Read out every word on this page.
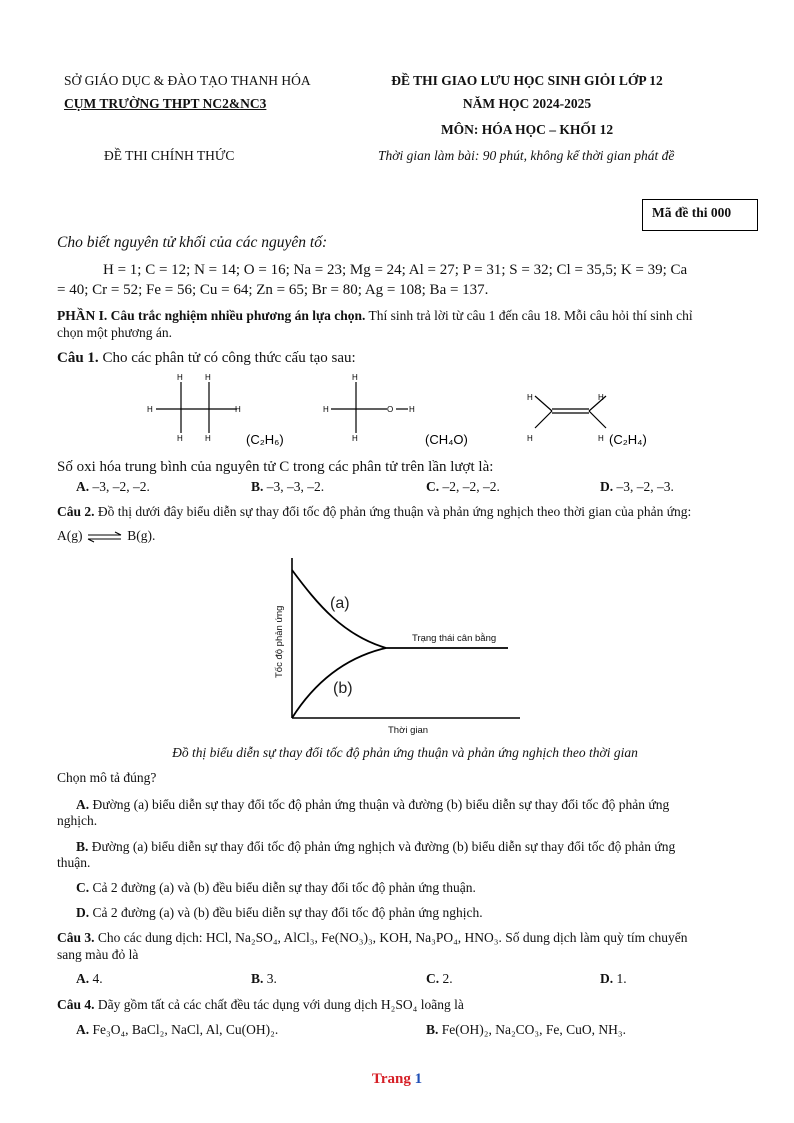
SỞ GIÁO DỤC & ĐÀO TẠO THANH HÓA
CỤM TRƯỜNG THPT NC2&NC3
ĐỀ THI CHÍNH THỨC
ĐỀ THI GIAO LƯU HỌC SINH GIỎI LỚP 12
NĂM HỌC 2024-2025
MÔN: HÓA HỌC – KHỐI 12
Thời gian làm bài: 90 phút, không kể thời gian phát đề
Mã đề thi 000
Cho biết nguyên tử khối của các nguyên tố:
H = 1; C = 12; N = 14; O = 16; Na = 23; Mg = 24; Al = 27; P = 31; S = 32; Cl = 35,5; K = 39; Ca
= 40; Cr = 52; Fe = 56; Cu = 64; Zn = 65; Br = 80; Ag = 108; Ba = 137.
PHẦN I. Câu trắc nghiệm nhiều phương án lựa chọn. Thí sinh trả lời từ câu 1 đến câu 18. Mỗi câu hỏi thí sinh chỉ
chọn một phương án.
Câu 1. Cho các phân tử có công thức cấu tạo sau:
H	H
H	H
H	H
H
H	O H
H
H	H
H	H
(C₂H₆)	(CH₄O)	(C₂H₄)
Số oxi hóa trung bình của nguyên tử C trong các phân tử trên lần lượt là:
A. –3, –2, –2.	B. –3, –3, –2.	C. –2, –2, –2.	D. –3, –2, –3.
Câu 2. Đồ thị dưới đây biểu diễn sự thay đổi tốc độ phản ứng thuận và phản ứng nghịch theo thời gian của phản ứng:
A(g) ⇌ B(g).
(a)
(b)
Trạng thái cân bằng
Thời gian
Tốc độ phản ứng
Đồ thị biểu diễn sự thay đổi tốc độ phản ứng thuận và phản ứng nghịch theo thời gian
Chọn mô tả đúng?
A. Đường (a) biểu diễn sự thay đổi tốc độ phản ứng thuận và đường (b) biểu diễn sự thay đổi tốc độ phản ứng
nghịch.
B. Đường (a) biểu diễn sự thay đổi tốc độ phản ứng nghịch và đường (b) biểu diễn sự thay đổi tốc độ phản ứng
thuận.
C. Cả 2 đường (a) và (b) đều biểu diễn sự thay đổi tốc độ phản ứng thuận.
D. Cả 2 đường (a) và (b) đều biểu diễn sự thay đổi tốc độ phản ứng nghịch.
Câu 3. Cho các dung dịch: HCl, Na₂SO₄, AlCl₃, Fe(NO₃)₃, KOH, Na₃PO₄, HNO₃. Số dung dịch làm quỳ tím chuyển
sang màu đỏ là
A. 4.	B. 3.	C. 2.	D. 1.
Câu 4. Dãy gồm tất cả các chất đều tác dụng với dung dịch H₂SO₄ loãng là
A. Fe₃O₄, BaCl₂, NaCl, Al, Cu(OH)₂.	B. Fe(OH)₂, Na₂CO₃, Fe, CuO, NH₃.
Trang 1
